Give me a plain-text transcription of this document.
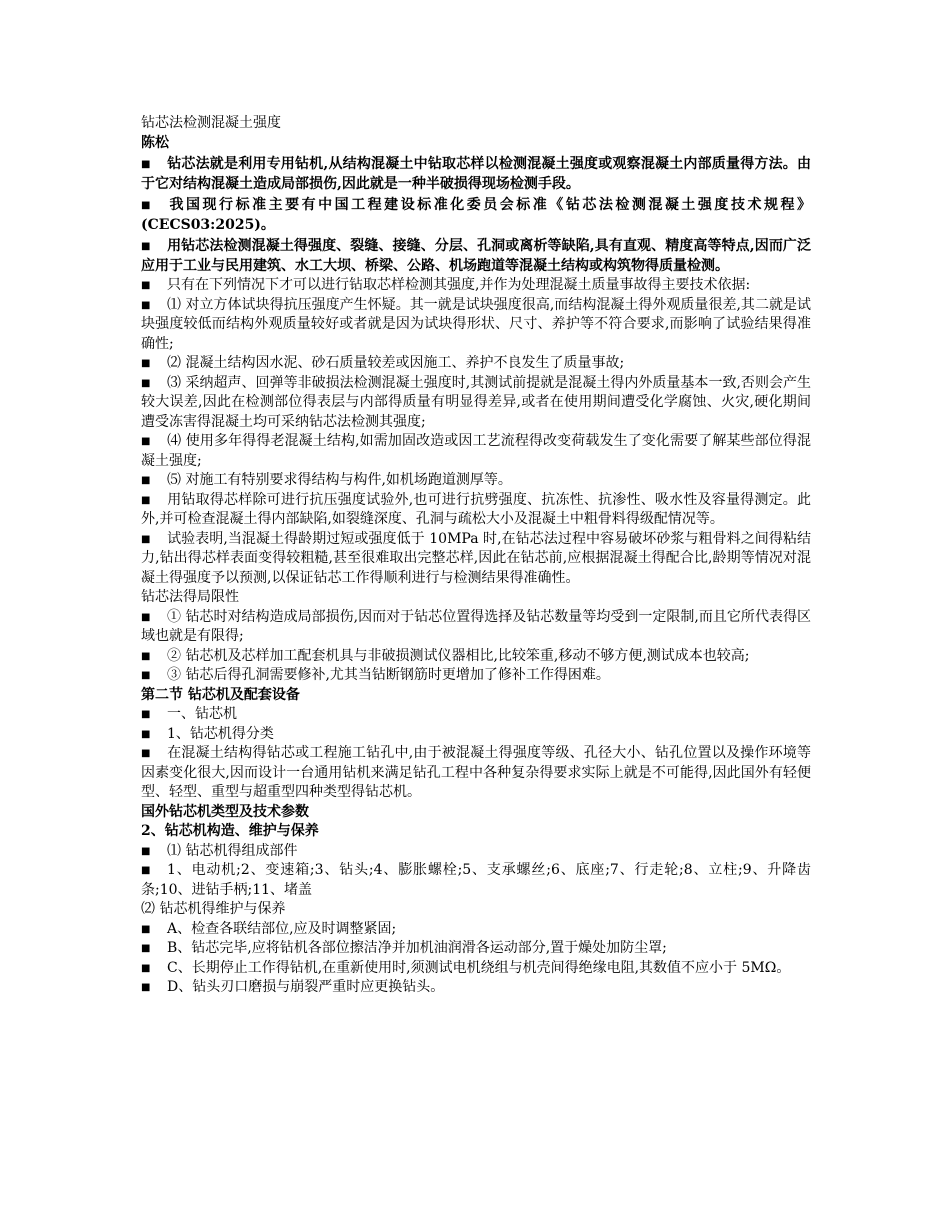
钻芯法检测混凝土强度

陈松

■ 钻芯法就是利用专用钻机,从结构混凝土中钻取芯样以检测混凝土强度或观察混凝土内部质量得方法。由于它对结构混凝土造成局部损伤,因此就是一种半破损得现场检测手段。

■ 我国现行标准主要有中国工程建设标准化委员会标准《钻芯法检测混凝土强度技术规程》(CECS03:2025)。

■ 用钻芯法检测混凝土得强度、裂缝、接缝、分层、孔洞或离析等缺陷,具有直观、精度高等特点,因而广泛应用于工业与民用建筑、水工大坝、桥梁、公路、机场跑道等混凝土结构或构筑物得质量检测。

■ 只有在下列情况下才可以进行钻取芯样检测其强度,并作为处理混凝土质量事故得主要技术依据:

■ ⑴ 对立方体试块得抗压强度产生怀疑。其一就是试块强度很高,而结构混凝土得外观质量很差,其二就是试块强度较低而结构外观质量较好或者就是因为试块得形状、尺寸、养护等不符合要求,而影响了试验结果得准确性;

■ ⑵ 混凝土结构因水泥、砂石质量较差或因施工、养护不良发生了质量事故;

■ ⑶ 采纳超声、回弹等非破损法检测混凝土强度时,其测试前提就是混凝土得内外质量基本一致,否则会产生较大误差,因此在检测部位得表层与内部得质量有明显得差异,或者在使用期间遭受化学腐蚀、火灾,硬化期间遭受冻害得混凝土均可采纳钻芯法检测其强度;

■ ⑷ 使用多年得得老混凝土结构,如需加固改造或因工艺流程得改变荷载发生了变化需要了解某些部位得混凝土强度;

■ ⑸ 对施工有特别要求得结构与构件,如机场跑道测厚等。

■ 用钻取得芯样除可进行抗压强度试验外,也可进行抗劈强度、抗冻性、抗渗性、吸水性及容量得测定。此外,并可检查混凝土得内部缺陷,如裂缝深度、孔洞与疏松大小及混凝土中粗骨料得级配情况等。

■ 试验表明,当混凝土得龄期过短或强度低于 10MPa 时,在钻芯法过程中容易破坏砂浆与粗骨料之间得粘结力,钻出得芯样表面变得较粗糙,甚至很难取出完整芯样,因此在钻芯前,应根据混凝土得配合比,龄期等情况对混凝土得强度予以预测,以保证钻芯工作得顺利进行与检测结果得准确性。

钻芯法得局限性

■ ① 钻芯时对结构造成局部损伤,因而对于钻芯位置得选择及钻芯数量等均受到一定限制,而且它所代表得区域也就是有限得;

■ ② 钻芯机及芯样加工配套机具与非破损测试仪器相比,比较笨重,移动不够方便,测试成本也较高;

■ ③ 钻芯后得孔洞需要修补,尤其当钻断钢筋时更增加了修补工作得困难。

第二节 钻芯机及配套设备

■ 一、钻芯机

■ 1、钻芯机得分类

■ 在混凝土结构得钻芯或工程施工钻孔中,由于被混凝土得强度等级、孔径大小、钻孔位置以及操作环境等因素变化很大,因而设计一台通用钻机来满足钻孔工程中各种复杂得要求实际上就是不可能得,因此国外有轻便型、轻型、重型与超重型四种类型得钻芯机。

国外钻芯机类型及技术参数

2、钻芯机构造、维护与保养

■ ⑴ 钻芯机得组成部件

■ 1、电动机;2、变速箱;3、钻头;4、膨胀螺栓;5、支承螺丝;6、底座;7、行走轮;8、立柱;9、升降齿条;10、进钻手柄;11、堵盖

⑵ 钻芯机得维护与保养

■ A、检查各联结部位,应及时调整紧固;

■ B、钻芯完毕,应将钻机各部位擦洁净并加机油润滑各运动部分,置于燥处加防尘罩;

■ C、长期停止工作得钻机,在重新使用时,须测试电机绕组与机壳间得绝缘电阻,其数值不应小于 5MΩ。

■ D、钻头刃口磨损与崩裂严重时应更换钻头。
